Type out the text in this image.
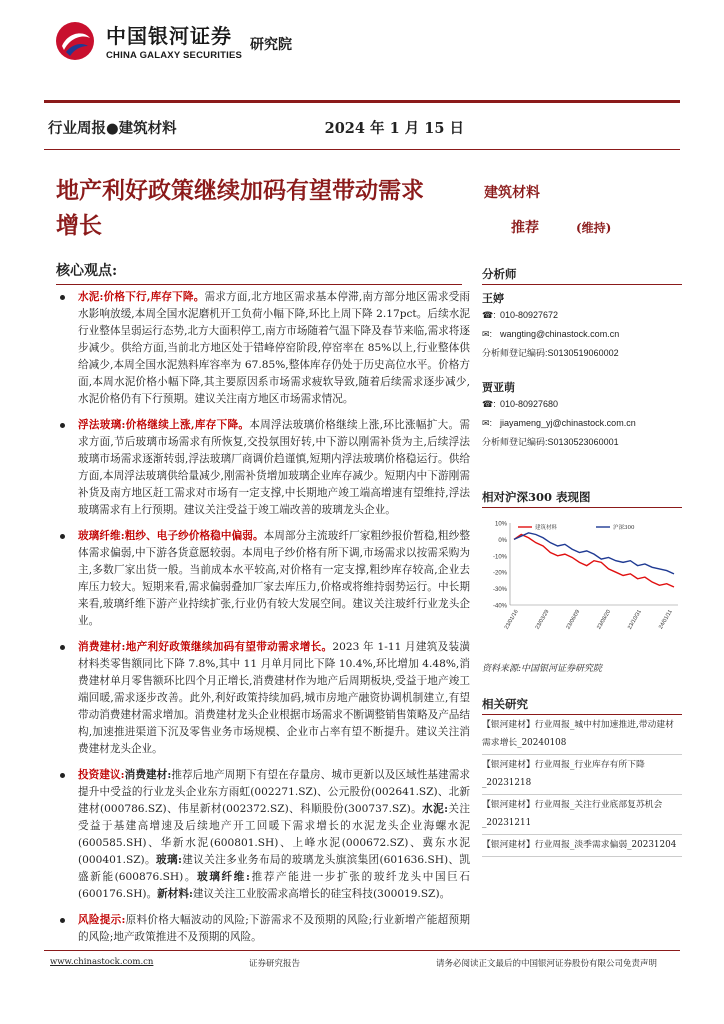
中国银河证券
CHINA GALAXY SECURITIES
研究院
行业周报●建筑材料	2024 年 1 月 15 日
地产利好政策继续加码有望带动需求
增长
建筑材料
推荐	(维持)
核心观点:
水泥:价格下行,库存下降。需求方面,北方地区需求基本停滞,南方部分地区需求受雨水影响放缓,本周全国水泥磨机开工负荷小幅下降,环比上周下降 2.17pct。后续水泥行业整体呈弱运行态势,北方大面积停工,南方市场随着气温下降及春节来临,需求将逐步减少。供给方面,当前北方地区处于错峰停窑阶段,停窑率在 85%以上,行业整体供给减少,本周全国水泥熟料库容率为 67.85%,整体库存仍处于历史高位水平。价格方面,本周水泥价格小幅下降,其主要原因系市场需求疲软导致,随着后续需求逐步减少,水泥价格仍有下行预期。建议关注南方地区市场需求情况。
浮法玻璃:价格继续上涨,库存下降。本周浮法玻璃价格继续上涨,环比涨幅扩大。需求方面,节后玻璃市场需求有所恢复,交投氛围好转,中下游以刚需补货为主,后续浮法玻璃市场需求逐渐转弱,浮法玻璃厂商调价趋谨慎,短期内浮法玻璃价格稳运行。供给方面,本周浮法玻璃供给量减少,刚需补货增加玻璃企业库存减少。短期内中下游刚需补货及南方地区赶工需求对市场有一定支撑,中长期地产竣工端高增速有望维持,浮法玻璃需求有上行预期。建议关注受益于竣工端改善的玻璃龙头企业。
玻璃纤维:粗纱、电子纱价格稳中偏弱。本周部分主流玻纤厂家粗纱报价暂稳,粗纱整体需求偏弱,中下游各货意愿较弱。本周电子纱价格有所下调,市场需求以按需采购为主,多数厂家出货一般。当前成本水平较高,对价格有一定支撑,粗纱库存较高,企业去库压力较大。短期来看,需求偏弱叠加厂家去库压力,价格或将维持弱势运行。中长期来看,玻璃纤维下游产业持续扩张,行业仍有较大发展空间。建议关注玻纤行业龙头企业。
消费建材:地产利好政策继续加码有望带动需求增长。2023 年 1-11 月建筑及装潢材料类零售额同比下降 7.8%,其中 11 月单月同比下降 10.4%,环比增加 4.48%,消费建材单月零售额环比四个月正增长,消费建材作为地产后周期板块,受益于地产竣工端回暖,需求逐步改善。此外,利好政策持续加码,城市房地产融资协调机制建立,有望带动消费建材需求增加。消费建材龙头企业根据市场需求不断调整销售策略及产品结构,加速推进渠道下沉及零售业务市场规模、企业市占率有望不断提升。建议关注消费建材龙头企业。
投资建议:消费建材:推荐后地产周期下有望在存量房、城市更新以及区域性基建需求提升中受益的行业龙头企业东方雨虹(002271.SZ)、公元股份(002641.SZ)、北新建材(000786.SZ)、伟星新材(002372.SZ)、科顺股份(300737.SZ)。水泥:关注受益于基建高增速及后续地产开工回暖下需求增长的水泥龙头企业海螺水泥(600585.SH)、华新水泥(600801.SH)、上峰水泥(000672.SZ)、冀东水泥(000401.SZ)。玻璃:建议关注多业务布局的玻璃龙头旗滨集团(601636.SH)、凯盛新能(600876.SH)。玻璃纤维:推荐产能进一步扩张的玻纤龙头中国巨石(600176.SH)。新材料:建议关注工业胶需求高增长的硅宝科技(300019.SZ)。
风险提示:原料价格大幅波动的风险;下游需求不及预期的风险;行业新增产能超预期的风险;地产政策推进不及预期的风险。
分析师
王婷
☎: 010-80927672
✉: wangting@chinastock.com.cn
分析师登记编码:S0130519060002
贾亚萌
☎: 010-80927680
✉: jiayameng_yj@chinastock.com.cn
分析师登记编码:S0130523060001
相对沪深300 表现图
10%
0%
-10%
-20%
-30%
-40%
23/01/16	23/03/29	23/06/09	23/08/20	23/10/31	24/01/11
建筑材料	沪深300
资料来源:中国银河证券研究院
相关研究
【银河建材】行业周报_城中村加速推进,带动建材需求增长_20240108
【银河建材】行业周报_行业库存有所下降_20231218
【银河建材】行业周报_关注行业底部复苏机会_20231211
【银河建材】行业周报_淡季需求偏弱_20231204
www.chinastock.com.cn	证券研究报告	请务必阅读正文最后的中国银河证券股份有限公司免责声明
